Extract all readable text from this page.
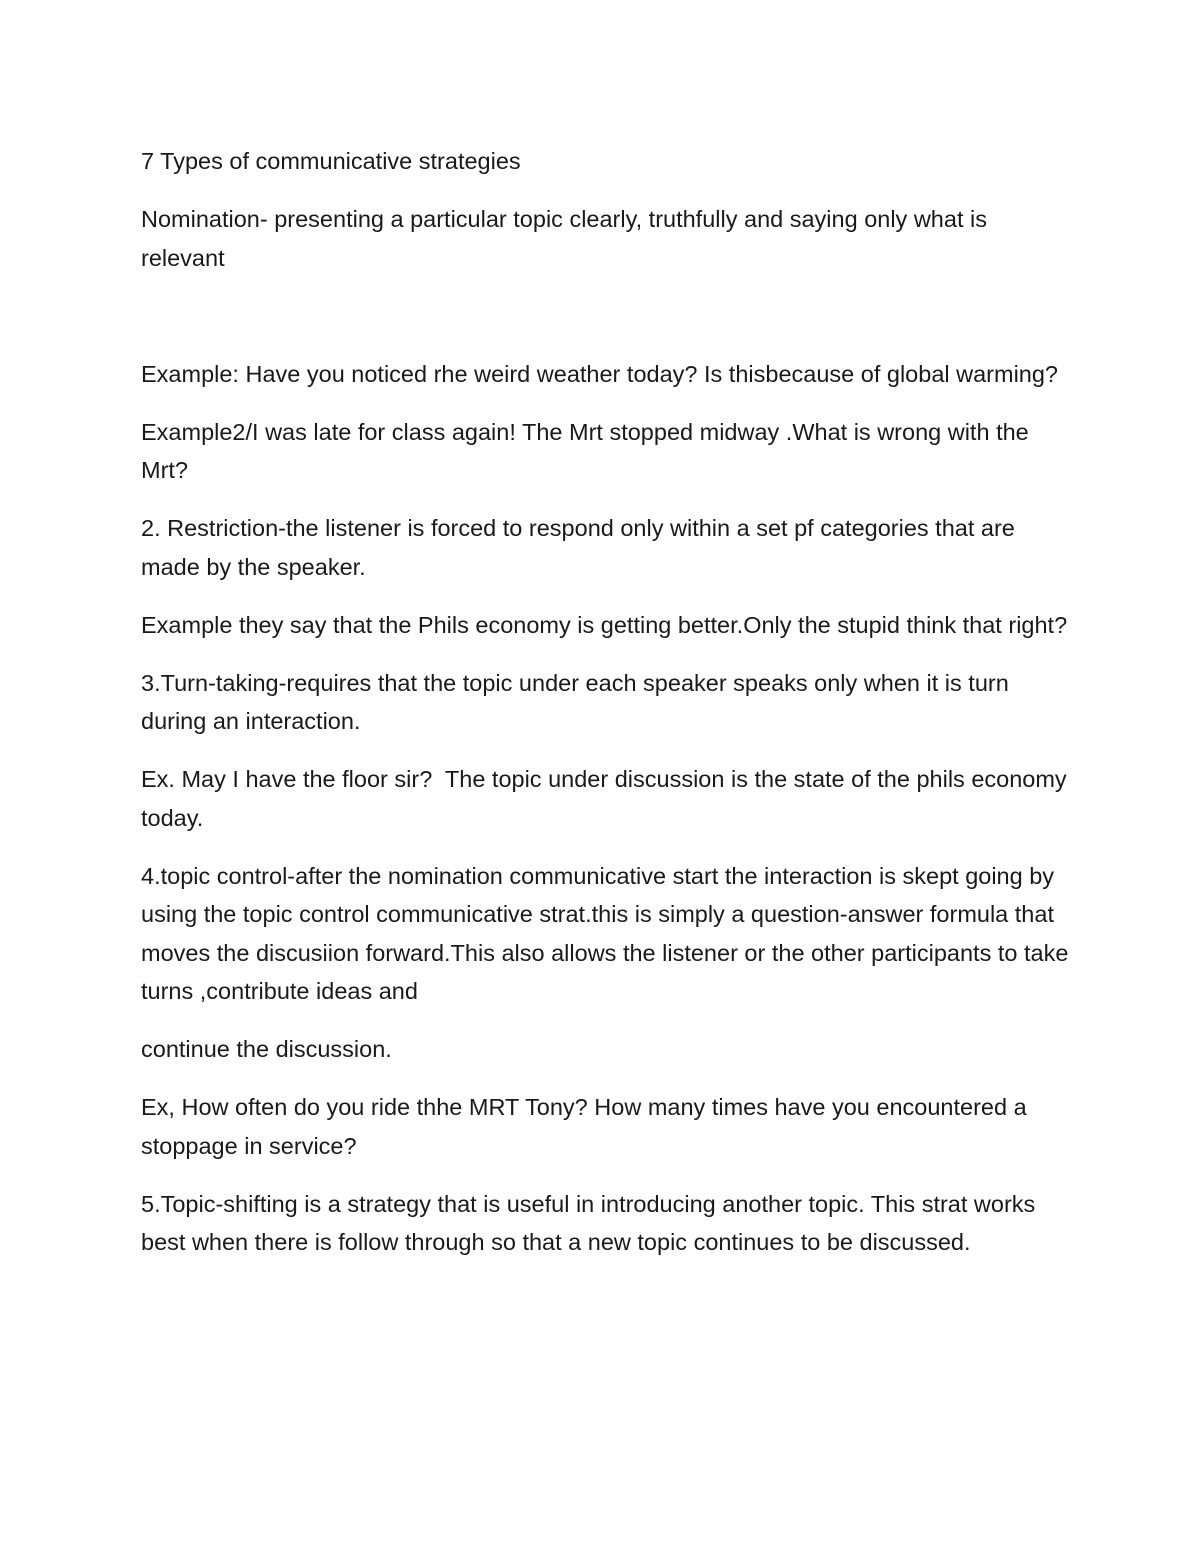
7 Types of communicative strategies

Nomination- presenting a particular topic clearly, truthfully and saying only what is relevant

Example: Have you noticed rhe weird weather today? Is thisbecause of global warming?

Example2/I was late for class again! The Mrt stopped midway .What is wrong with the Mrt?

2. Restriction-the listener is forced to respond only within a set pf categories that are made by the speaker.

Example they say that the Phils economy is getting better.Only the stupid think that right?

3.Turn-taking-requires that the topic under each speaker speaks only when it is turn during an interaction.

Ex. May I have the floor sir?  The topic under discussion is the state of the phils economy today.

4.topic control-after the nomination communicative start the interaction is skept going by using the topic control communicative strat.this is simply a question-answer formula that  moves the discusiion forward.This also allows the listener or the other participants to take turns ,contribute ideas and

continue the discussion.

Ex, How often do you ride thhe MRT Tony? How many times have you encountered a stoppage in service?

5.Topic-shifting is a strategy that is useful in introducing another topic. This strat works best when there is follow through so that a new topic continues to be discussed.
